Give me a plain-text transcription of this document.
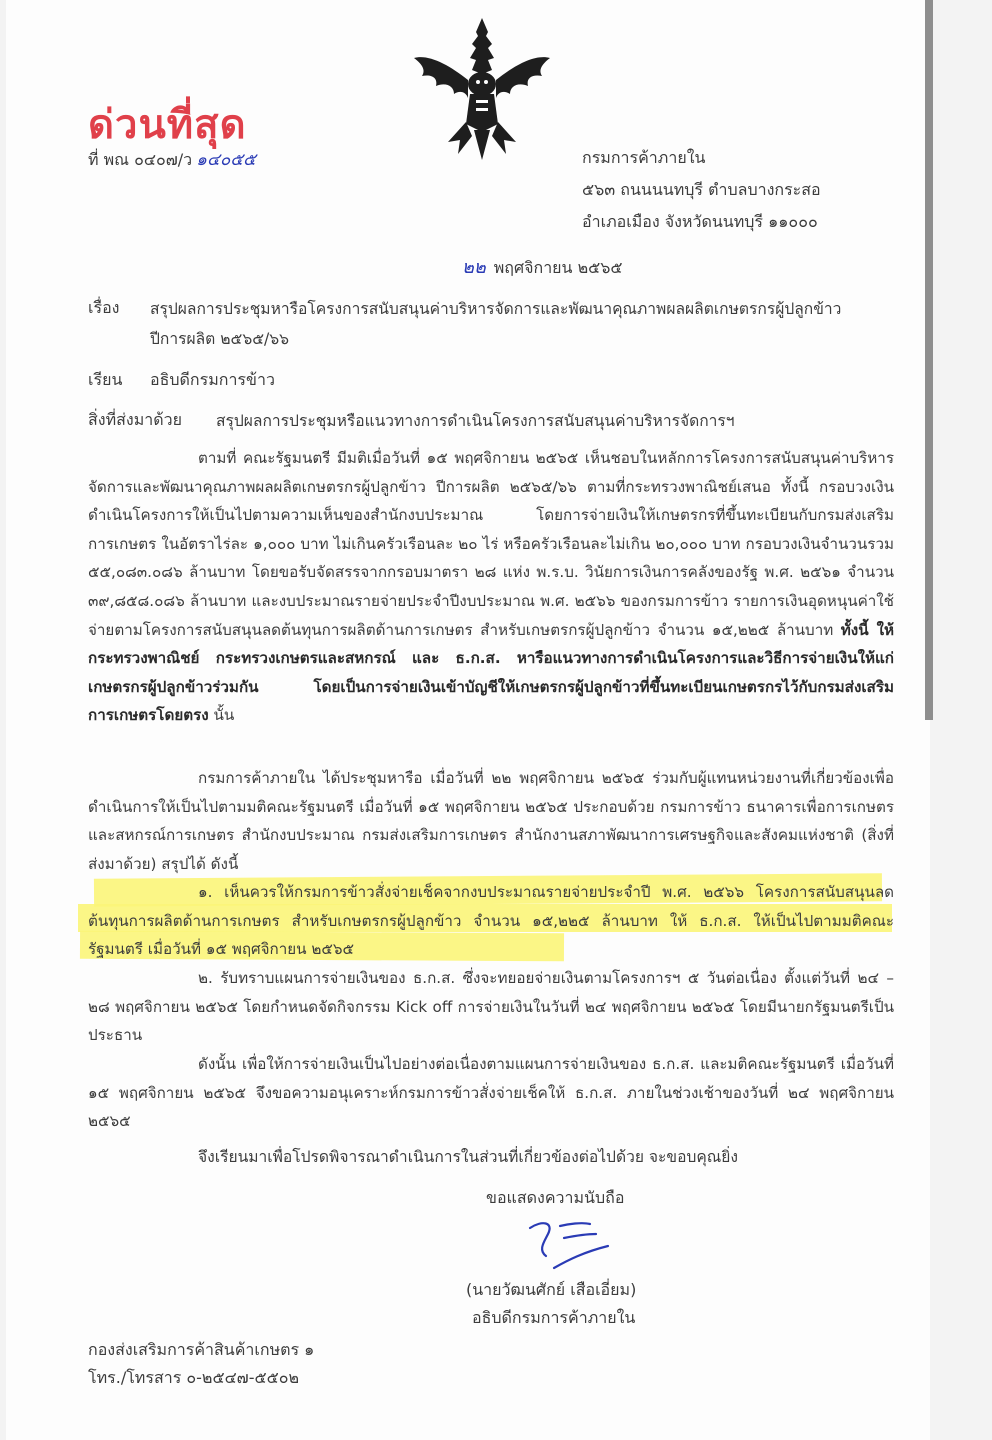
ด่วนที่สุด
ที่ พณ ๐๔๐๗/ว ๑๔๐๕๕	กรมการค้าภายใน
๕๖๓ ถนนนนทบุรี ตำบลบางกระสอ
อำเภอเมือง จังหวัดนนทบุรี ๑๑๐๐๐
๒๒ พฤศจิกายน ๒๕๖๕
เรื่อง สรุปผลการประชุมหารือโครงการสนับสนุนค่าบริหารจัดการและพัฒนาคุณภาพผลผลิตเกษตรกรผู้ปลูกข้าว
ปีการผลิต ๒๕๖๕/๖๖
เรียน อธิบดีกรมการข้าว
สิ่งที่ส่งมาด้วย สรุปผลการประชุมหรือแนวทางการดำเนินโครงการสนับสนุนค่าบริหารจัดการฯ
ตามที่ คณะรัฐมนตรี มีมติเมื่อวันที่ ๑๕ พฤศจิกายน ๒๕๖๕ เห็นชอบในหลักการโครงการสนับสนุนค่าบริหารจัดการและพัฒนาคุณภาพผลผลิตเกษตรกรผู้ปลูกข้าว ปีการผลิต ๒๕๖๕/๖๖ ตามที่กระทรวงพาณิชย์เสนอ ทั้งนี้ กรอบวงเงินดำเนินโครงการให้เป็นไปตามความเห็นของสำนักงบประมาณ โดยการจ่ายเงินให้เกษตรกรที่ขึ้นทะเบียนกับกรมส่งเสริมการเกษตร ในอัตราไร่ละ ๑,๐๐๐ บาท ไม่เกินครัวเรือนละ ๒๐ ไร่ หรือครัวเรือนละไม่เกิน ๒๐,๐๐๐ บาท กรอบวงเงินจำนวนรวม ๕๕,๐๘๓.๐๘๖ ล้านบาท โดยขอรับจัดสรรจากกรอบมาตรา ๒๘ แห่ง พ.ร.บ. วินัยการเงินการคลังของรัฐ พ.ศ. ๒๕๖๑ จำนวน ๓๙,๘๕๘.๐๘๖ ล้านบาท และงบประมาณรายจ่ายประจำปีงบประมาณ พ.ศ. ๒๕๖๖ ของกรมการข้าว รายการเงินอุดหนุนค่าใช้จ่ายตามโครงการสนับสนุนลดต้นทุนการผลิตด้านการเกษตร สำหรับเกษตรกรผู้ปลูกข้าว จำนวน ๑๕,๒๒๕ ล้านบาท ทั้งนี้ ให้กระทรวงพาณิชย์ กระทรวงเกษตรและสหกรณ์ และ ธ.ก.ส. หารือแนวทางการดำเนินโครงการและวิธีการจ่ายเงินให้แก่เกษตรกรผู้ปลูกข้าวร่วมกัน โดยเป็นการจ่ายเงินเข้าบัญชีให้เกษตรกรผู้ปลูกข้าวที่ขึ้นทะเบียนเกษตรกรไว้กับกรมส่งเสริมการเกษตรโดยตรง นั้น
กรมการค้าภายใน ได้ประชุมหารือ เมื่อวันที่ ๒๒ พฤศจิกายน ๒๕๖๕ ร่วมกับผู้แทนหน่วยงานที่เกี่ยวข้องเพื่อดำเนินการให้เป็นไปตามมติคณะรัฐมนตรี เมื่อวันที่ ๑๕ พฤศจิกายน ๒๕๖๕ ประกอบด้วย กรมการข้าว ธนาคารเพื่อการเกษตรและสหกรณ์การเกษตร สำนักงบประมาณ กรมส่งเสริมการเกษตร สำนักงานสภาพัฒนาการเศรษฐกิจและสังคมแห่งชาติ (สิ่งที่ส่งมาด้วย) สรุปได้ ดังนี้
๑. เห็นควรให้กรมการข้าวสั่งจ่ายเช็คจากงบประมาณรายจ่ายประจำปี พ.ศ. ๒๕๖๖ โครงการสนับสนุนลดต้นทุนการผลิตด้านการเกษตร สำหรับเกษตรกรผู้ปลูกข้าว จำนวน ๑๕,๒๒๕ ล้านบาท ให้ ธ.ก.ส. ให้เป็นไปตามมติคณะรัฐมนตรี เมื่อวันที่ ๑๕ พฤศจิกายน ๒๕๖๕
๒. รับทราบแผนการจ่ายเงินของ ธ.ก.ส. ซึ่งจะทยอยจ่ายเงินตามโครงการฯ ๕ วันต่อเนื่อง ตั้งแต่วันที่ ๒๔ – ๒๘ พฤศจิกายน ๒๕๖๕ โดยกำหนดจัดกิจกรรม Kick off การจ่ายเงินในวันที่ ๒๔ พฤศจิกายน ๒๕๖๕ โดยมีนายกรัฐมนตรีเป็นประธาน
ดังนั้น เพื่อให้การจ่ายเงินเป็นไปอย่างต่อเนื่องตามแผนการจ่ายเงินของ ธ.ก.ส. และมติคณะรัฐมนตรี เมื่อวันที่ ๑๕ พฤศจิกายน ๒๕๖๕ จึงขอความอนุเคราะห์กรมการข้าวสั่งจ่ายเช็คให้ ธ.ก.ส. ภายในช่วงเช้าของวันที่ ๒๔ พฤศจิกายน ๒๕๖๕
จึงเรียนมาเพื่อโปรดพิจารณาดำเนินการในส่วนที่เกี่ยวข้องต่อไปด้วย จะขอบคุณยิ่ง
ขอแสดงความนับถือ
(นายวัฒนศักย์ เสือเอี่ยม)
อธิบดีกรมการค้าภายใน
กองส่งเสริมการค้าสินค้าเกษตร ๑
โทร./โทรสาร ๐-๒๕๔๗-๕๕๐๒
